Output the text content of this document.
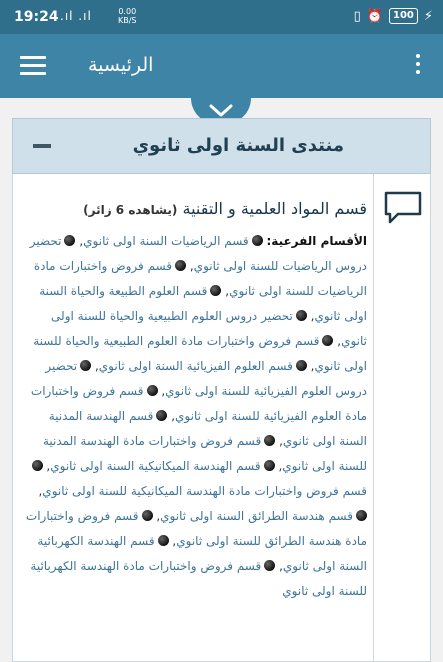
19:24 .ıl .ıl	0.00
KB/S	▯ ⏰	100 ⚡
الرئيسية
منتدى السنة اولى ثانوي
قسم المواد العلمية و التقنية (يشاهده 6 زائر)
الأقسام الفرعية: قسم الرياضيات السنة اولى ثانوي, تحضير دروس الرياضيات للسنة اولى ثانوي, قسم فروض واختبارات مادة الرياضيات للسنة اولى ثانوي, قسم العلوم الطبيعة والحياة السنة اولى ثانوي, تحضير دروس العلوم الطبيعية والحياة للسنة اولى ثانوي, قسم فروض واختبارات مادة العلوم الطبيعية والحياة للسنة اولى ثانوي, قسم العلوم الفيزيائية السنة اولى ثانوي, تحضير دروس العلوم الفيزيائية للسنة اولى ثانوي, قسم فروض واختبارات مادة العلوم الفيزيائية للسنة اولى ثانوي, قسم الهندسة المدنية السنة اولى ثانوي, قسم فروض واختبارات مادة الهندسة المدنية للسنة اولى ثانوي, قسم الهندسة الميكانيكية السنة اولى ثانوي, قسم فروض واختبارات مادة الهندسة الميكانيكية للسنة اولى ثانوي, قسم هندسة الطرائق السنة اولى ثانوي, قسم فروض واختبارات مادة هندسة الطرائق للسنة اولى ثانوي, قسم الهندسة الكهربائية السنة اولى ثانوي, قسم فروض واختبارات مادة الهندسة الكهربائية للسنة اولى ثانوي
